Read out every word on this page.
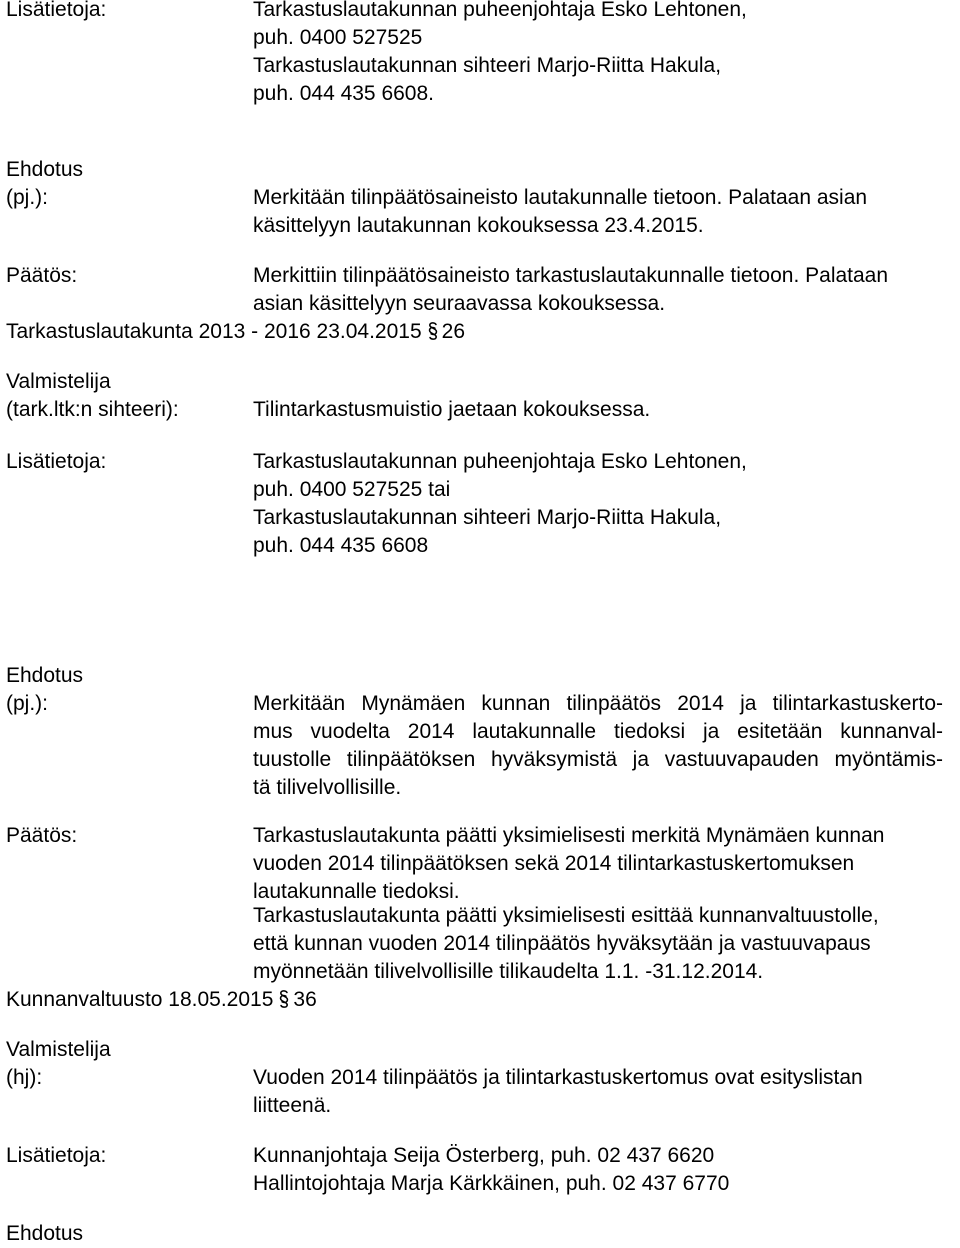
Lisätietoja:	Tarkastuslautakunnan puheenjohtaja Esko Lehtonen,
puh. 0400 527525
Tarkastuslautakunnan sihteeri Marjo-Riitta Hakula,
puh. 044 435 6608.
Ehdotus
(pj.):	Merkitään tilinpäätösaineisto lautakunnalle tietoon. Palataan asian
käsittelyyn lautakunnan kokouksessa 23.4.2015.
Päätös:	Merkittiin tilinpäätösaineisto tarkastuslautakunnalle tietoon. Palataan
asian käsittelyyn seuraavassa kokouksessa.
Tarkastuslautakunta 2013 - 2016 23.04.2015 26
Valmistelija
(tark.ltk:n sihteeri):	Tilintarkastusmuistio jaetaan kokouksessa.
Lisätietoja:	Tarkastuslautakunnan puheenjohtaja Esko Lehtonen,
puh. 0400 527525 tai
Tarkastuslautakunnan sihteeri Marjo-Riitta Hakula,
puh. 044 435 6608
Ehdotus
(pj.):	Merkitään Mynämäen kunnan tilinpäätös 2014 ja tilintarkastuskerto-
mus vuodelta 2014 lautakunnalle tiedoksi ja esitetään kunnanval-
tuustolle tilinpäätöksen hyväksymistä ja vastuuvapauden myöntämis-
tä tilivelvollisille.
Päätös:	Tarkastuslautakunta päätti yksimielisesti merkitä Mynämäen kunnan
vuoden 2014 tilinpäätöksen sekä 2014 tilintarkastuskertomuksen
lautakunnalle tiedoksi.
Tarkastuslautakunta päätti yksimielisesti esittää kunnanvaltuustolle,
että kunnan vuoden 2014 tilinpäätös hyväksytään ja vastuuvapaus
myönnetään tilivelvollisille tilikaudelta 1.1. -31.12.2014.
Kunnanvaltuusto 18.05.2015 36
Valmistelija
(hj):	Vuoden 2014 tilinpäätös ja tilintarkastuskertomus ovat esityslistan
liitteenä.
Lisätietoja:	Kunnanjohtaja Seija Österberg, puh. 02 437 6620
Hallintojohtaja Marja Kärkkäinen, puh. 02 437 6770
Ehdotus
